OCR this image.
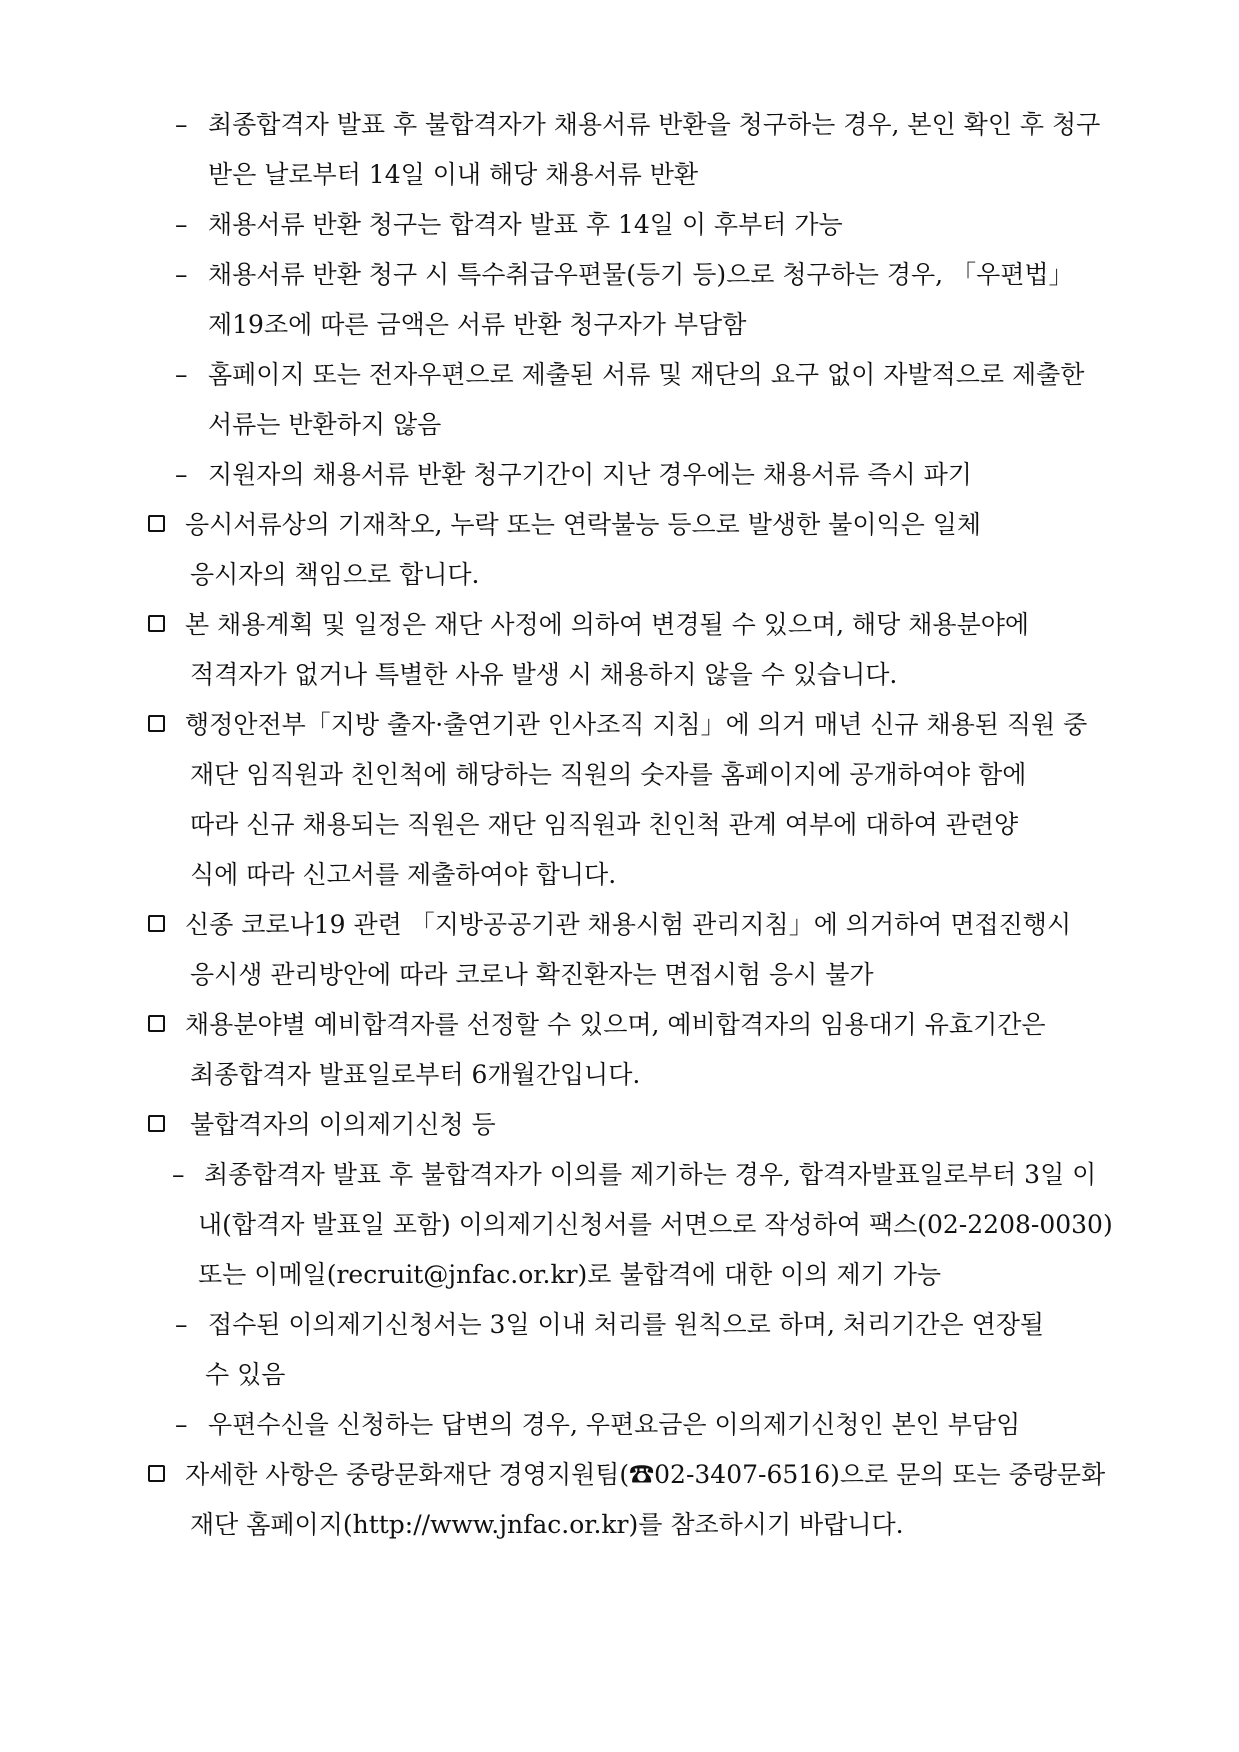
– 최종합격자 발표 후 불합격자가 채용서류 반환을 청구하는 경우, 본인 확인 후 청구
받은 날로부터 14일 이내 해당 채용서류 반환
– 채용서류 반환 청구는 합격자 발표 후 14일 이 후부터 가능
– 채용서류 반환 청구 시 특수취급우편물(등기 등)으로 청구하는 경우, 「우편법」
제19조에 따른 금액은 서류 반환 청구자가 부담함
– 홈페이지 또는 전자우편으로 제출된 서류 및 재단의 요구 없이 자발적으로 제출한
서류는 반환하지 않음
– 지원자의 채용서류 반환 청구기간이 지난 경우에는 채용서류 즉시 파기
응시서류상의 기재착오, 누락 또는 연락불능 등으로 발생한 불이익은 일체
응시자의 책임으로 합니다.
본 채용계획 및 일정은 재단 사정에 의하여 변경될 수 있으며, 해당 채용분야에
적격자가 없거나 특별한 사유 발생 시 채용하지 않을 수 있습니다.
행정안전부「지방 출자·출연기관 인사조직 지침」에 의거 매년 신규 채용된 직원 중
재단 임직원과 친인척에 해당하는 직원의 숫자를 홈페이지에 공개하여야 함에
따라 신규 채용되는 직원은 재단 임직원과 친인척 관계 여부에 대하여 관련양
식에 따라 신고서를 제출하여야 합니다.
신종 코로나19 관련 「지방공공기관 채용시험 관리지침」에 의거하여 면접진행시
응시생 관리방안에 따라 코로나 확진환자는 면접시험 응시 불가
채용분야별 예비합격자를 선정할 수 있으며, 예비합격자의 임용대기 유효기간은
최종합격자 발표일로부터 6개월간입니다.
불합격자의 이의제기신청 등
– 최종합격자 발표 후 불합격자가 이의를 제기하는 경우, 합격자발표일로부터 3일 이
내(합격자 발표일 포함) 이의제기신청서를 서면으로 작성하여 팩스(02-2208-0030)
또는 이메일(recruit@jnfac.or.kr)로 불합격에 대한 이의 제기 가능
– 접수된 이의제기신청서는 3일 이내 처리를 원칙으로 하며, 처리기간은 연장될
수 있음
– 우편수신을 신청하는 답변의 경우, 우편요금은 이의제기신청인 본인 부담임
자세한 사항은 중랑문화재단 경영지원팀(☎02-3407-6516)으로 문의 또는 중랑문화
재단 홈페이지(http://www.jnfac.or.kr)를 참조하시기 바랍니다.
